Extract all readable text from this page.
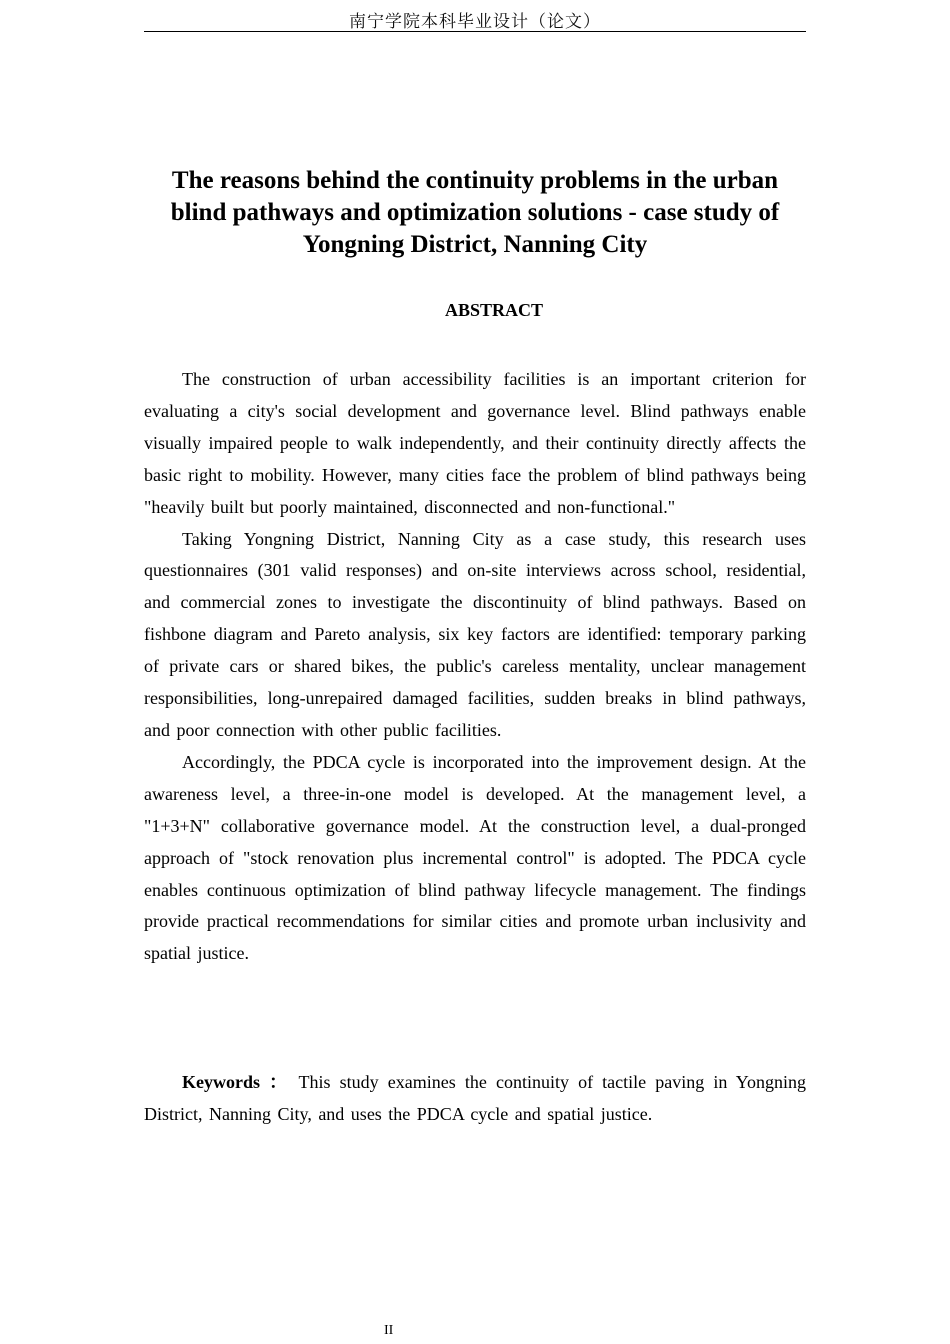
南宁学院本科毕业设计（论文）
The reasons behind the continuity problems in the urban blind pathways and optimization solutions - case study of Yongning District, Nanning City
ABSTRACT

The construction of urban accessibility facilities is an important criterion for evaluating a city's social development and governance level. Blind pathways enable visually impaired people to walk independently, and their continuity directly affects the basic right to mobility. However, many cities face the problem of blind pathways being "heavily built but poorly maintained, disconnected and non-functional."

Taking Yongning District, Nanning City as a case study, this research uses questionnaires (301 valid responses) and on-site interviews across school, residential, and commercial zones to investigate the discontinuity of blind pathways. Based on fishbone diagram and Pareto analysis, six key factors are identified: temporary parking of private cars or shared bikes, the public's careless mentality, unclear management responsibilities, long-unrepaired damaged facilities, sudden breaks in blind pathways, and poor connection with other public facilities.

Accordingly, the PDCA cycle is incorporated into the improvement design. At the awareness level, a three-in-one model is developed. At the management level, a "1+3+N" collaborative governance model. At the construction level, a dual-pronged approach of "stock renovation plus incremental control" is adopted. The PDCA cycle enables continuous optimization of blind pathway lifecycle management. The findings provide practical recommendations for similar cities and promote urban inclusivity and spatial justice.

Keywords ： This study examines the continuity of tactile paving in Yongning District, Nanning City, and uses the PDCA cycle and spatial justice.

II
